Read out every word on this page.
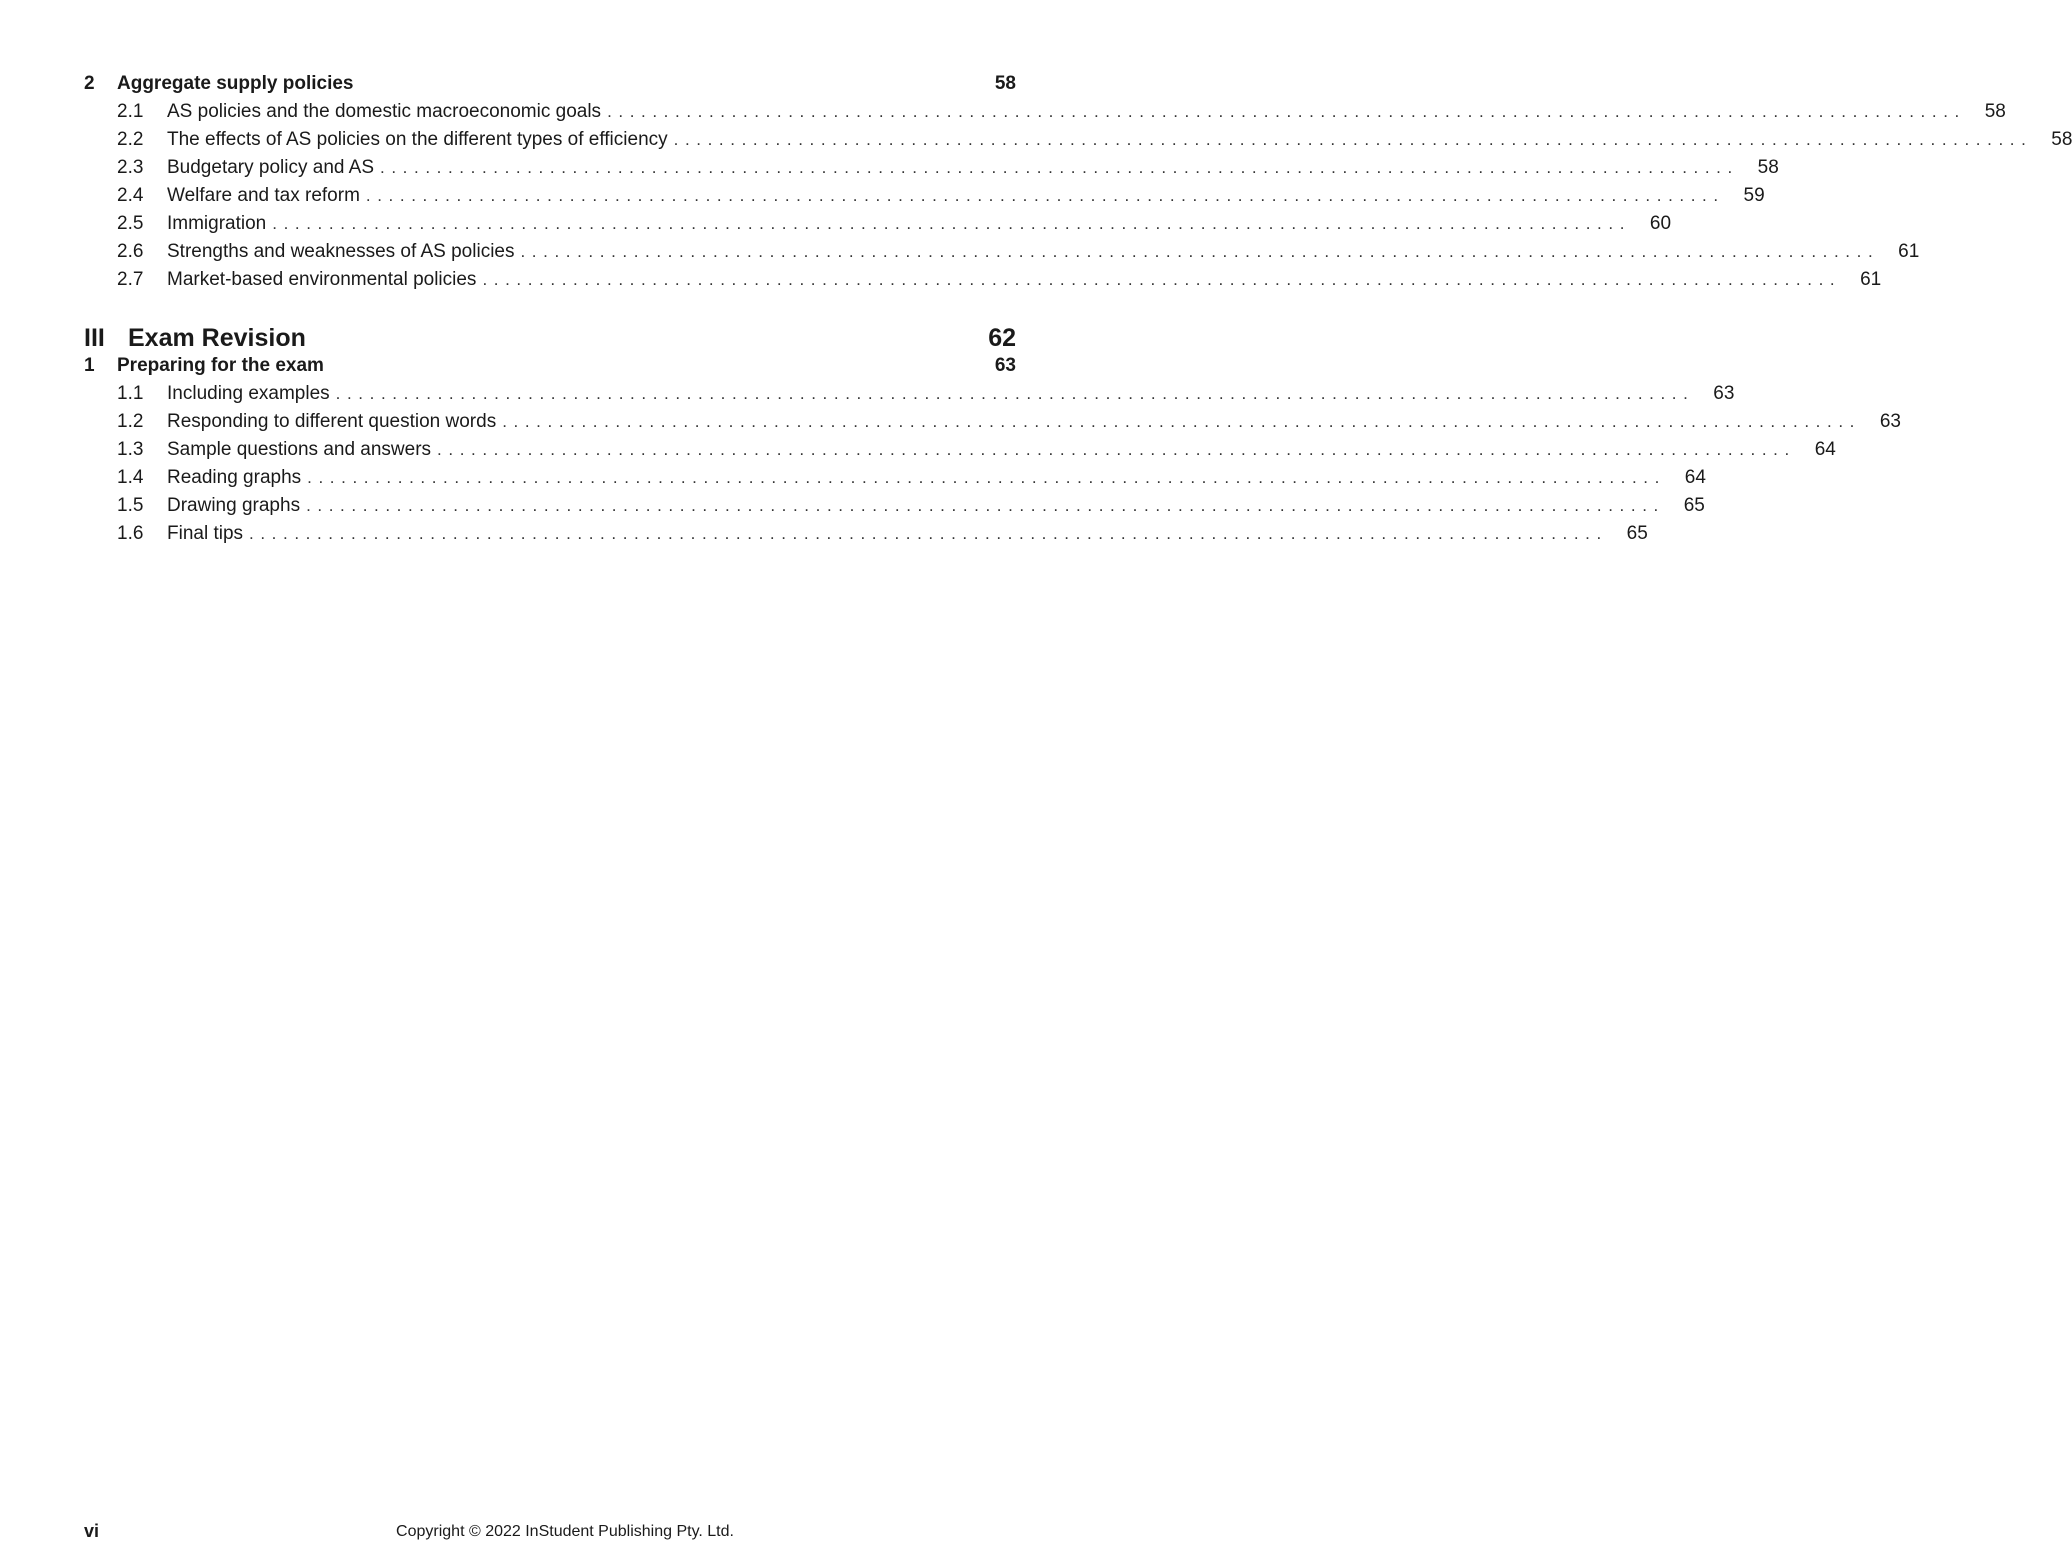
2	Aggregate supply policies	58
2.1	AS policies and the domestic macroeconomic goals ........................................................................................................................ 58
2.2	The effects of AS policies on the different types of efficiency ........................................................................................................................ 58
2.3	Budgetary policy and AS ........................................................................................................................ 58
2.4	Welfare and tax reform ........................................................................................................................ 59
2.5	Immigration ........................................................................................................................ 60
2.6	Strengths and weaknesses of AS policies ........................................................................................................................ 61
2.7	Market-based environmental policies ........................................................................................................................ 61
III Exam Revision	62
1	Preparing for the exam	63
1.1	Including examples ........................................................................................................................ 63
1.2	Responding to different question words ........................................................................................................................ 63
1.3	Sample questions and answers ........................................................................................................................ 64
1.4	Reading graphs ........................................................................................................................ 64
1.5	Drawing graphs ........................................................................................................................ 65
1.6	Final tips ........................................................................................................................ 65
vi	Copyright © 2022 InStudent Publishing Pty. Ltd.
